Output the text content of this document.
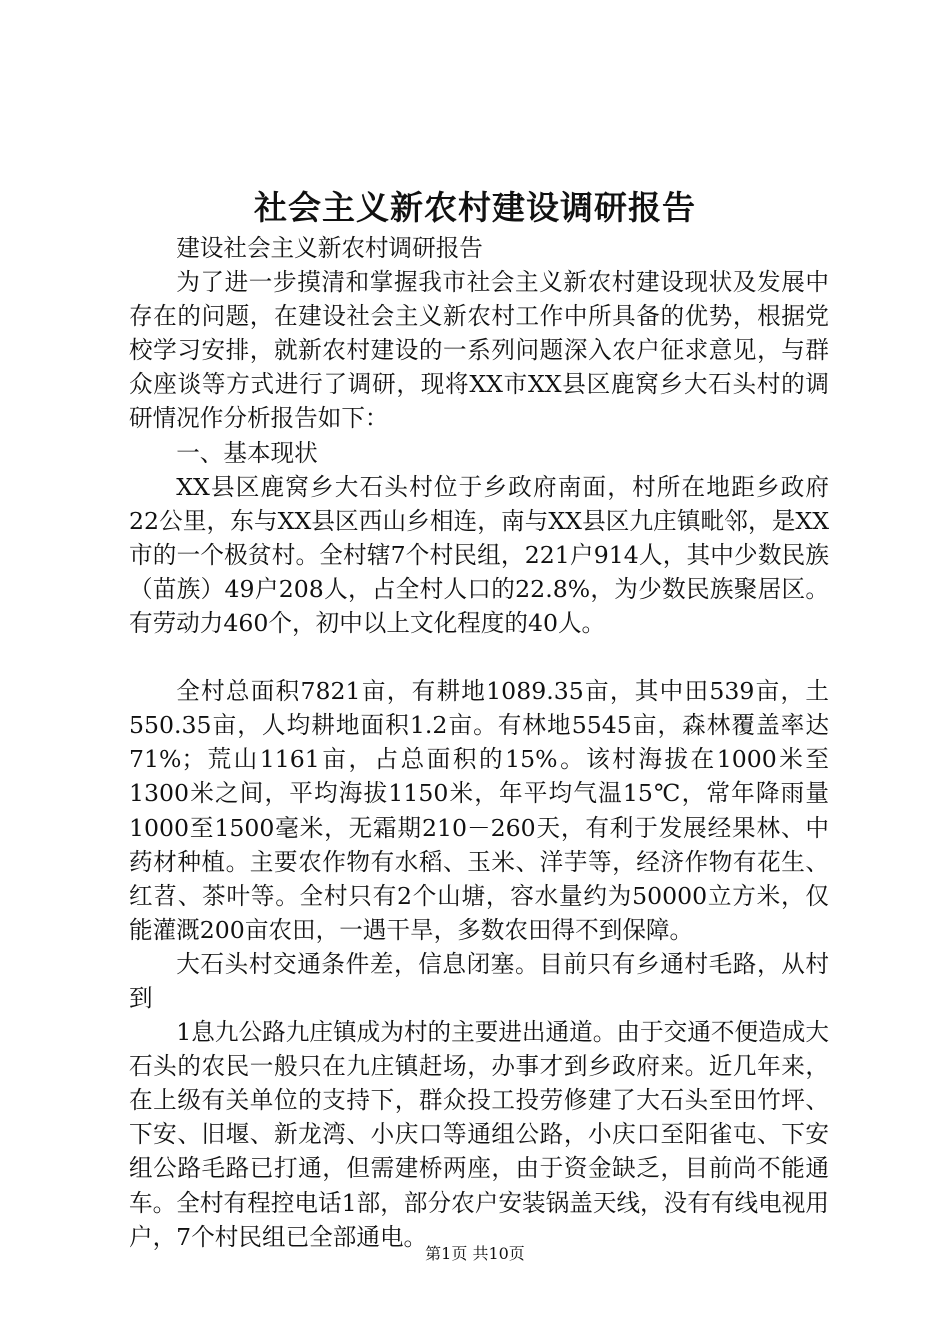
社会主义新农村建设调研报告

建设社会主义新农村调研报告

为了进一步摸清和掌握我市社会主义新农村建设现状及发展中存在的问题，在建设社会主义新农村工作中所具备的优势，根据党校学习安排，就新农村建设的一系列问题深入农户征求意见，与群众座谈等方式进行了调研，现将XX市XX县区鹿窝乡大石头村的调研情况作分析报告如下：

一、基本现状

XX县区鹿窝乡大石头村位于乡政府南面，村所在地距乡政府22公里，东与XX县区西山乡相连，南与XX县区九庄镇毗邻，是XX市的一个极贫村。全村辖7个村民组，221户914人，其中少数民族（苗族）49户208人，占全村人口的22.8%，为少数民族聚居区。有劳动力460个，初中以上文化程度的40人。

全村总面积7821亩，有耕地1089.35亩，其中田539亩，土550.35亩，人均耕地面积1.2亩。有林地5545亩，森林覆盖率达71%；荒山1161亩，占总面积的15%。该村海拔在1000米至1300米之间，平均海拔1150米，年平均气温15℃，常年降雨量1000至1500毫米，无霜期210－260天，有利于发展经果林、中药材种植。主要农作物有水稻、玉米、洋芋等，经济作物有花生、红苕、茶叶等。全村只有2个山塘，容水量约为50000立方米，仅能灌溉200亩农田，一遇干旱，多数农田得不到保障。

大石头村交通条件差，信息闭塞。目前只有乡通村毛路，从村到

1息九公路九庄镇成为村的主要进出通道。由于交通不便造成大石头的农民一般只在九庄镇赶场，办事才到乡政府来。近几年来，在上级有关单位的支持下，群众投工投劳修建了大石头至田竹坪、下安、旧堰、新龙湾、小庆口等通组公路，小庆口至阳雀屯、下安组公路毛路已打通，但需建桥两座，由于资金缺乏，目前尚不能通车。全村有程控电话1部，部分农户安装锅盖天线，没有有线电视用户，7个村民组已全部通电。

第1页 共10页
